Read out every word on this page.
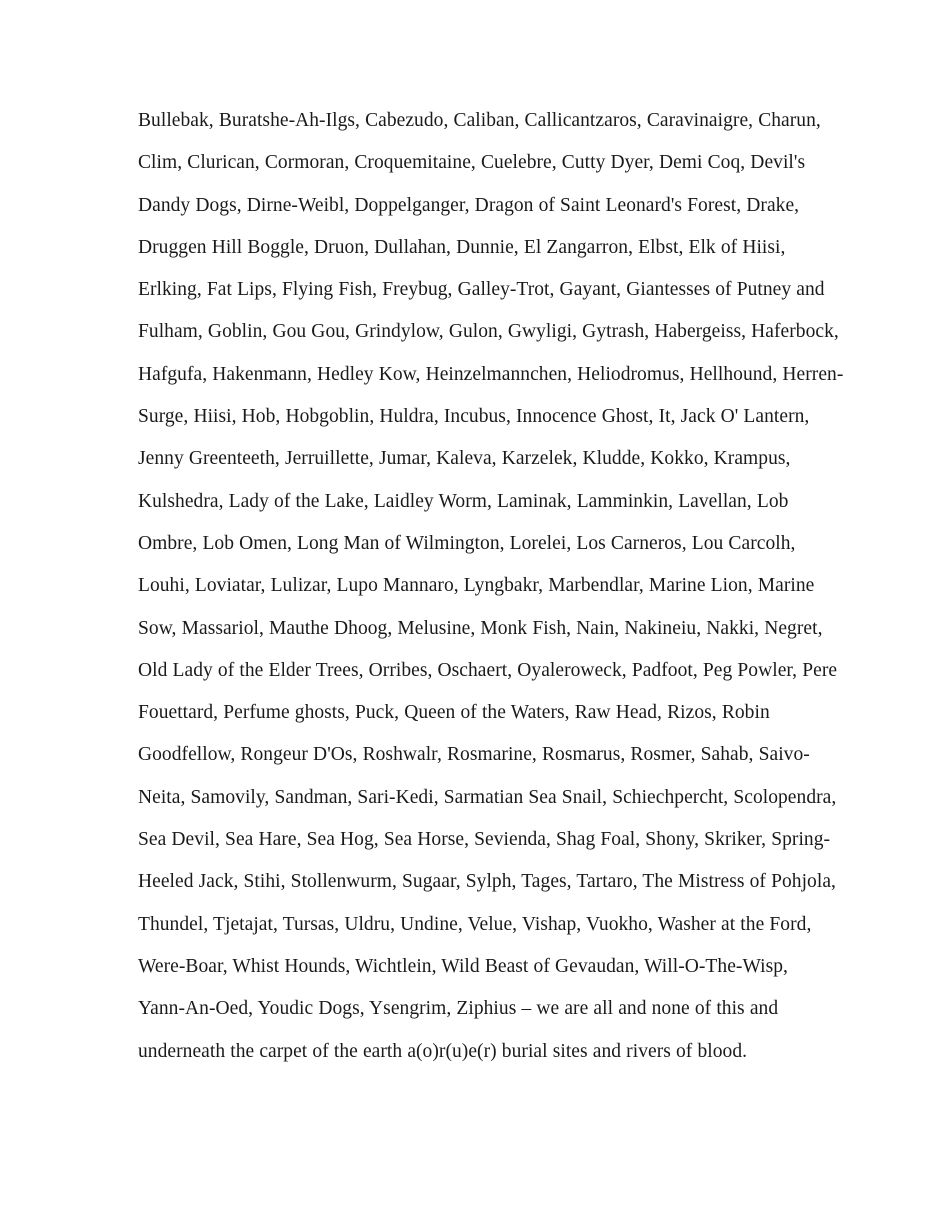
Bullebak, Buratshe-Ah-Ilgs, Cabezudo, Caliban, Callicantzaros, Caravinaigre, Charun,
Clim, Clurican, Cormoran, Croquemitaine, Cuelebre, Cutty Dyer, Demi Coq, Devil's
Dandy Dogs, Dirne-Weibl, Doppelganger, Dragon of Saint Leonard's Forest, Drake,
Druggen Hill Boggle, Druon, Dullahan, Dunnie, El Zangarron, Elbst, Elk of Hiisi,
Erlking, Fat Lips, Flying Fish, Freybug, Galley-Trot, Gayant, Giantesses of Putney and
Fulham, Goblin, Gou Gou, Grindylow, Gulon, Gwyligi, Gytrash, Habergeiss, Haferbock,
Hafgufa, Hakenmann, Hedley Kow, Heinzelmannchen, Heliodromus, Hellhound, Herren-
Surge, Hiisi, Hob, Hobgoblin, Huldra, Incubus, Innocence Ghost, It, Jack O' Lantern,
Jenny Greenteeth, Jerruillette, Jumar, Kaleva, Karzelek, Kludde, Kokko, Krampus,
Kulshedra, Lady of the Lake, Laidley Worm, Laminak, Lamminkin, Lavellan, Lob
Ombre, Lob Omen, Long Man of Wilmington, Lorelei, Los Carneros, Lou Carcolh,
Louhi, Loviatar, Lulizar, Lupo Mannaro, Lyngbakr, Marbendlar, Marine Lion, Marine
Sow, Massariol, Mauthe Dhoog, Melusine, Monk Fish, Nain, Nakineiu, Nakki, Negret,
Old Lady of the Elder Trees, Orribes, Oschaert, Oyaleroweck, Padfoot, Peg Powler, Pere
Fouettard, Perfume ghosts, Puck, Queen of the Waters, Raw Head, Rizos, Robin
Goodfellow, Rongeur D'Os, Roshwalr, Rosmarine, Rosmarus, Rosmer, Sahab, Saivo-
Neita, Samovily, Sandman, Sari-Kedi, Sarmatian Sea Snail, Schiechpercht, Scolopendra,
Sea Devil, Sea Hare, Sea Hog, Sea Horse, Sevienda, Shag Foal, Shony, Skriker, Spring-
Heeled Jack, Stihi, Stollenwurm, Sugaar, Sylph, Tages, Tartaro, The Mistress of Pohjola,
Thundel, Tjetajat, Tursas, Uldru, Undine, Velue, Vishap, Vuokho, Washer at the Ford,
Were-Boar, Whist Hounds, Wichtlein, Wild Beast of Gevaudan, Will-O-The-Wisp,
Yann-An-Oed, Youdic Dogs, Ysengrim, Ziphius – we are all and none of this and
underneath the carpet of the earth a(o)r(u)e(r) burial sites and rivers of blood.
